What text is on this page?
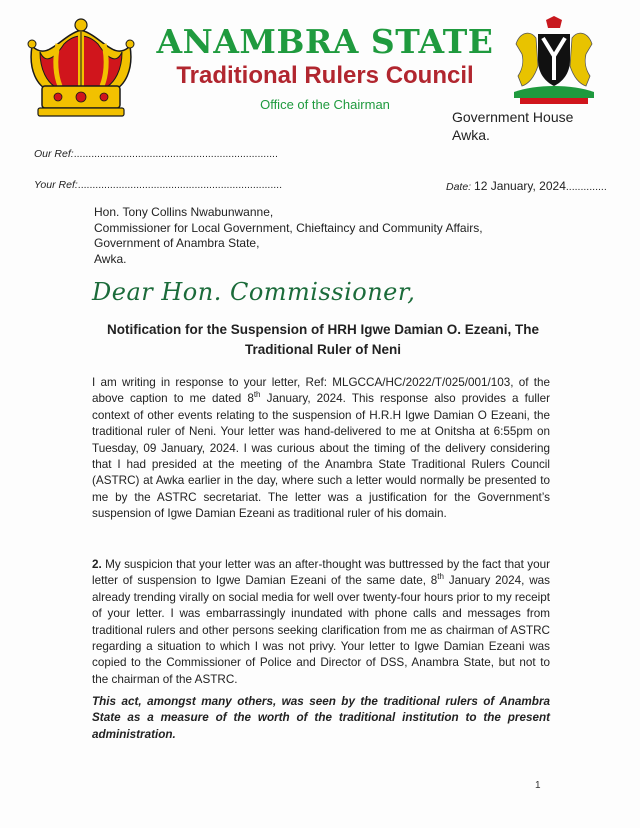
ANAMBRA STATE
Traditional Rulers Council
Office of the Chairman
Government House
Awka.
Our Ref:......................................................................
Your Ref:......................................................................	Date: 12 January, 2024..............
Hon. Tony Collins Nwabunwanne,
Commissioner for Local Government, Chieftaincy and Community Affairs,
Government of Anambra State,
Awka.
Dear Hon. Commissioner,
Notification for the Suspension of HRH Igwe Damian O. Ezeani, The
Traditional Ruler of Neni
I am writing in response to your letter, Ref: MLGCCA/HC/2022/T/025/001/103, of the above caption to me dated 8th January, 2024. This response also provides a fuller context of other events relating to the suspension of H.R.H Igwe Damian O Ezeani, the traditional ruler of Neni. Your letter was hand-delivered to me at Onitsha at 6:55pm on Tuesday, 09 January, 2024. I was curious about the timing of the delivery considering that I had presided at the meeting of the Anambra State Traditional Rulers Council (ASTRC) at Awka earlier in the day, where such a letter would normally be presented to me by the ASTRC secretariat. The letter was a justification for the Government’s suspension of Igwe Damian Ezeani as traditional ruler of his domain.
2. My suspicion that your letter was an after-thought was buttressed by the fact that your letter of suspension to Igwe Damian Ezeani of the same date, 8th January 2024, was already trending virally on social media for well over twenty-four hours prior to my receipt of your letter. I was embarrassingly inundated with phone calls and messages from traditional rulers and other persons seeking clarification from me as chairman of ASTRC regarding a situation to which I was not privy. Your letter to Igwe Damian Ezeani was copied to the Commissioner of Police and Director of DSS, Anambra State, but not to the chairman of the ASTRC.
This act, amongst many others, was seen by the traditional rulers of Anambra State as a measure of the worth of the traditional institution to the present administration.
1
